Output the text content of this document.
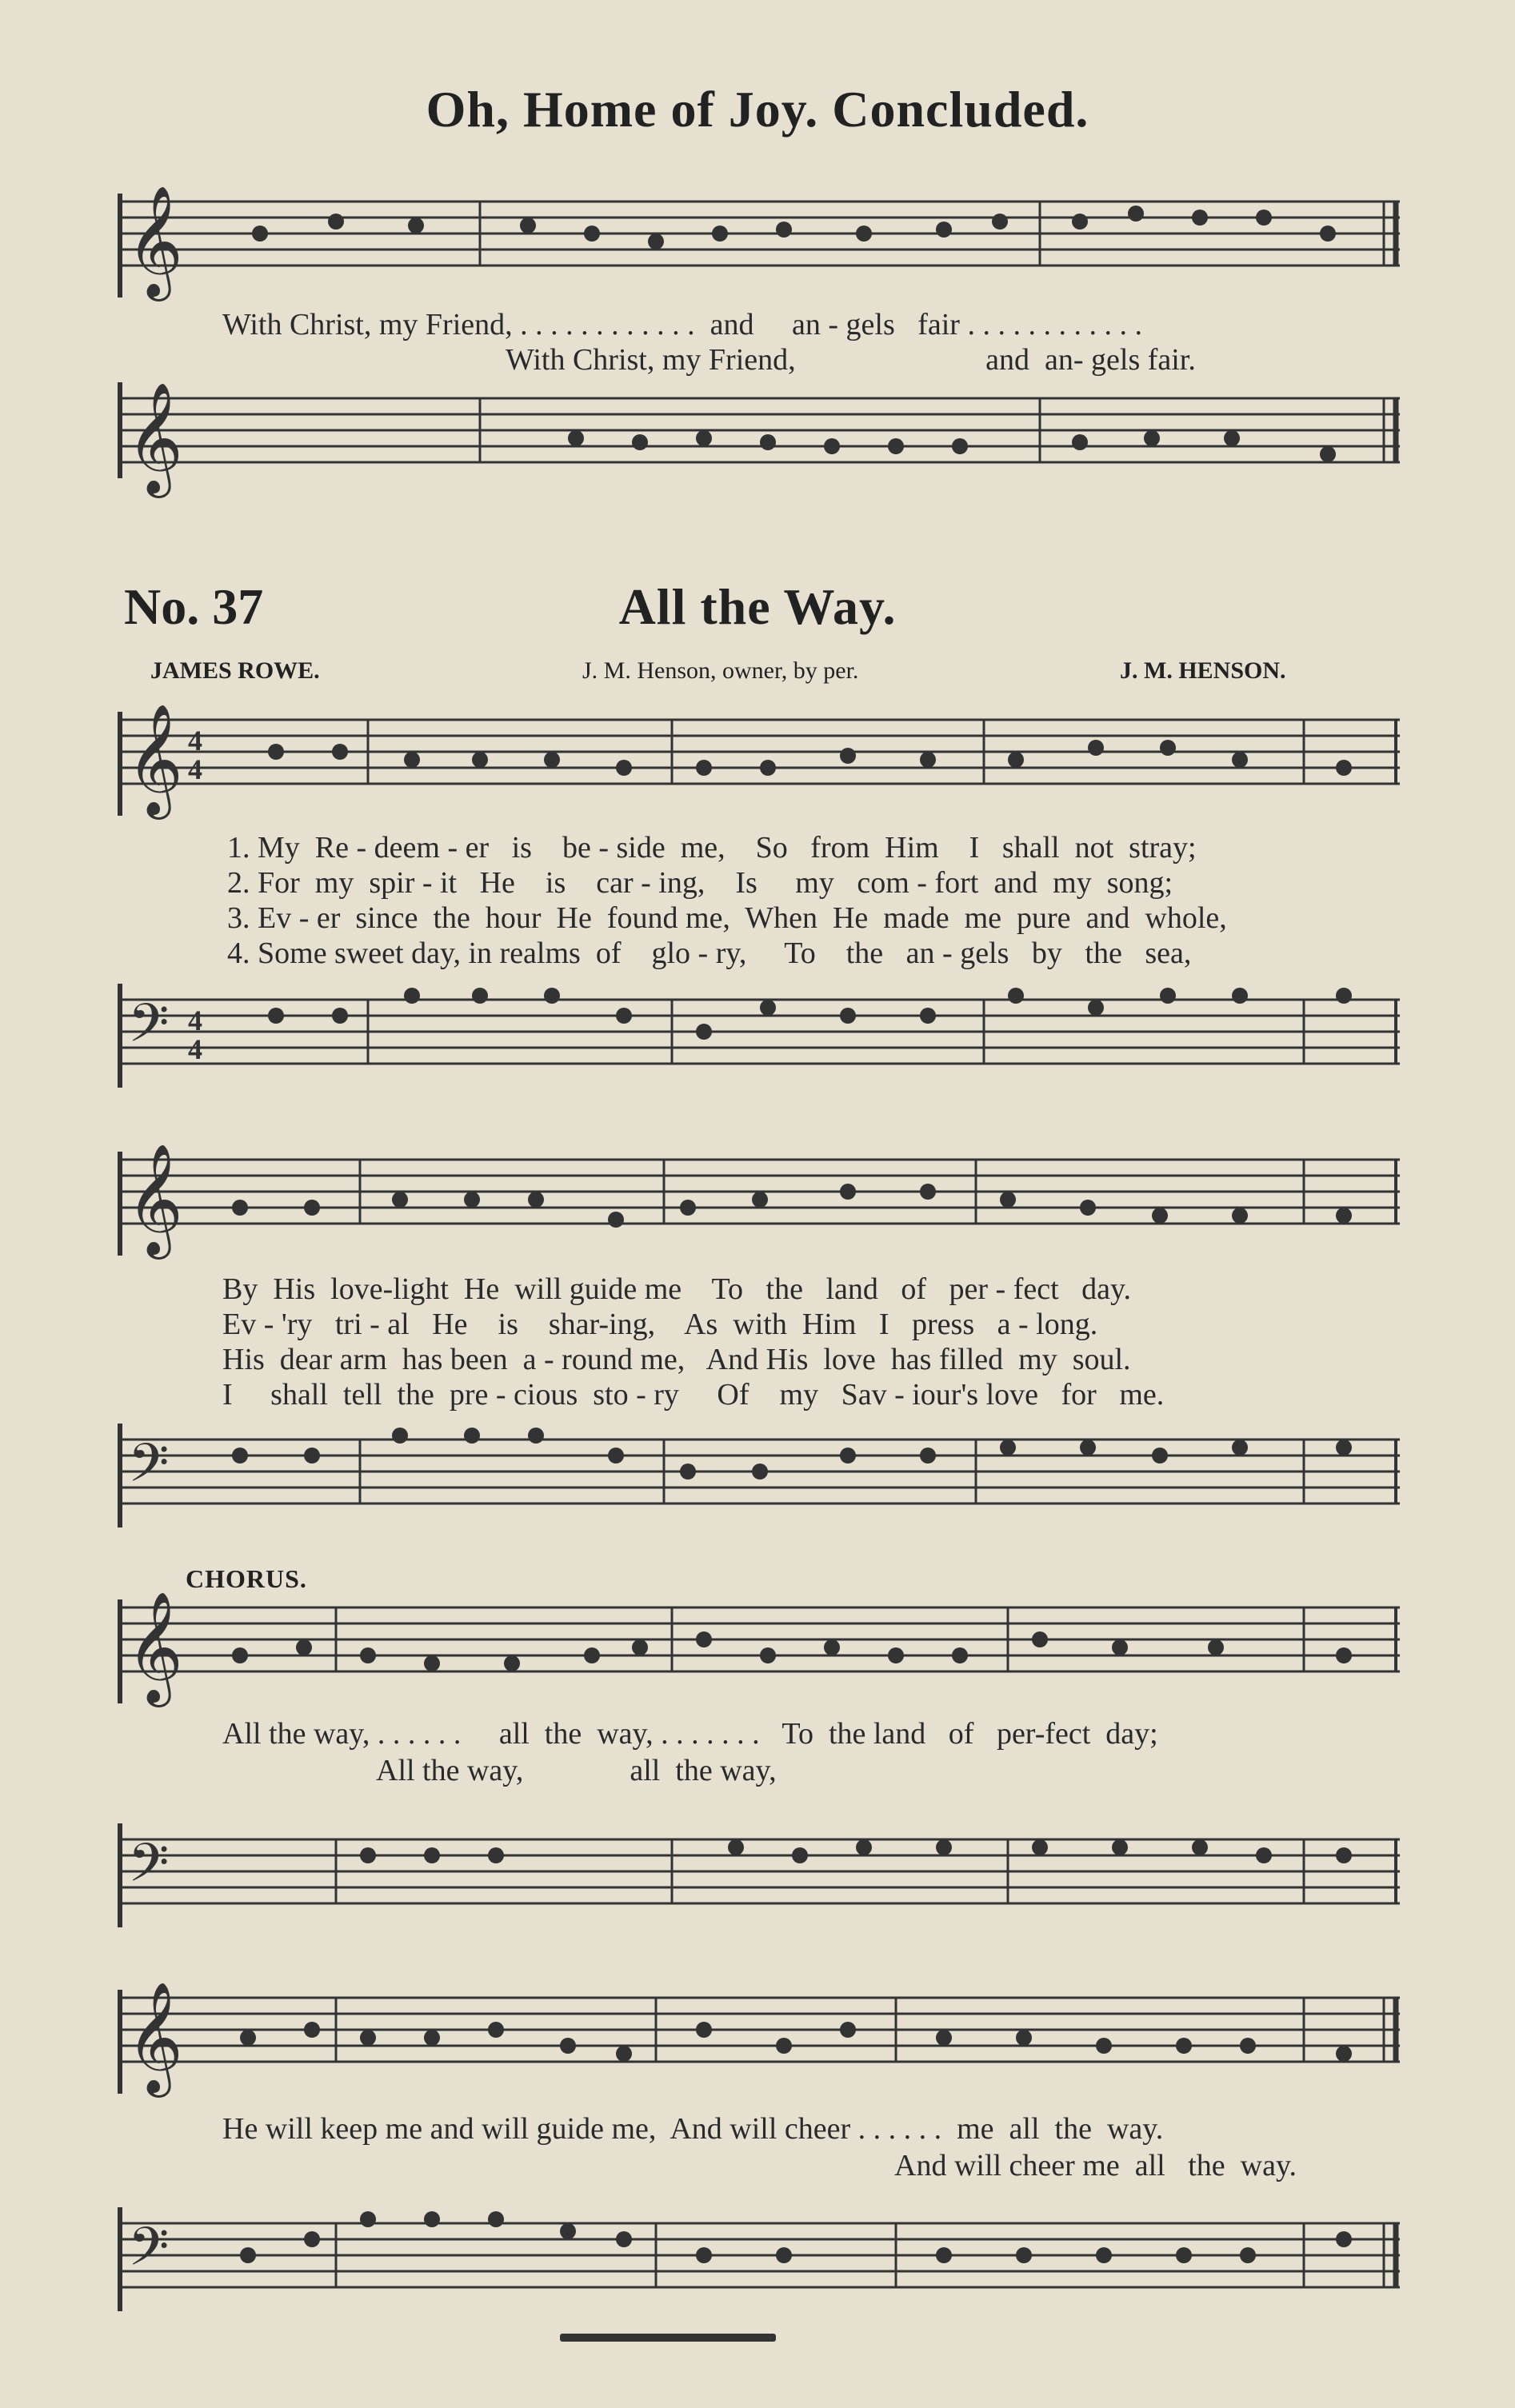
Oh, Home of Joy. Concluded.
𝄞
With Christ, my Friend, . . . . . . . . . . . .  and     an - gels   fair . . . . . . . . . . . .
With Christ, my Friend,                         and  an- gels fair.
𝄞
No. 37	All the Way.
JAMES ROWE.	J. M. Henson, owner, by per.	J. M. HENSON.
𝄞 4
4
1. My  Re - deem - er   is    be - side  me,    So   from  Him    I   shall  not  stray;
2. For  my  spir - it   He    is    car - ing,    Is     my   com - fort  and  my  song;
3. Ev - er  since  the  hour  He  found me,  When  He  made  me  pure  and  whole,
4. Some sweet day, in realms  of    glo - ry,     To    the   an - gels   by   the   sea,
𝄢 4
4
𝄞
By  His  love-light  He  will guide me    To   the   land   of   per - fect   day.
Ev - 'ry   tri - al   He    is    shar-ing,    As  with  Him   I   press   a - long.
His  dear arm  has been  a - round me,   And His  love  has filled  my  soul.
I     shall  tell  the  pre - cious  sto - ry     Of    my   Sav - iour's love   for   me.
𝄢
CHORUS.
𝄞
All the way, . . . . . .     all  the  way, . . . . . . .   To  the land   of   per-fect  day;
All the way,              all  the way,
𝄢
𝄞
He will keep me and will guide me,  And will cheer . . . . . .  me  all  the  way.
And will cheer me  all   the  way.
𝄢
